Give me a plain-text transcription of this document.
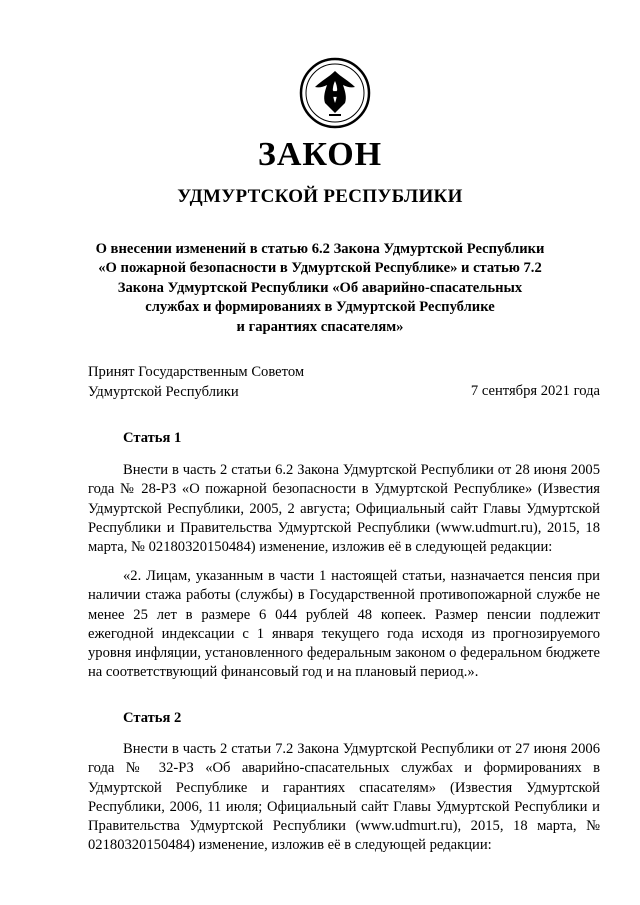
ЗАКОН
УДМУРТСКОЙ РЕСПУБЛИКИ
О внесении изменений в статью 6.2 Закона Удмуртской Республики
«О пожарной безопасности в Удмуртской Республике» и статью 7.2
Закона Удмуртской Республики «Об аварийно-спасательных
службах и формированиях в Удмуртской Республике
и гарантиях спасателям»
Принят Государственным Советом
Удмуртской Республики	7 сентября 2021 года
Статья 1

Внести в часть 2 статьи 6.2 Закона Удмуртской Республики от 28 июня 2005 года № 28-РЗ «О пожарной безопасности в Удмуртской Республике» (Известия Удмуртской Республики, 2005, 2 августа; Официальный сайт Главы Удмуртской Республики и Правительства Удмуртской Республики (www.udmurt.ru), 2015, 18 марта, № 02180320150484) изменение, изложив её в следующей редакции:

«2. Лицам, указанным в части 1 настоящей статьи, назначается пенсия при наличии стажа работы (службы) в Государственной противопожарной службе не менее 25 лет в размере 6 044 рублей 48 копеек. Размер пенсии подлежит ежегодной индексации с 1 января текущего года исходя из прогнозируемого уровня инфляции, установленного федеральным законом о федеральном бюджете на соответствующий финансовый год и на плановый период.».

Статья 2

Внести в часть 2 статьи 7.2 Закона Удмуртской Республики от 27 июня 2006 года № 32-РЗ «Об аварийно-спасательных службах и формированиях в Удмуртской Республике и гарантиях спасателям» (Известия Удмуртской Республики, 2006, 11 июля; Официальный сайт Главы Удмуртской Республики и Правительства Удмуртской Республики (www.udmurt.ru), 2015, 18 марта, № 02180320150484) изменение, изложив её в следующей редакции:
